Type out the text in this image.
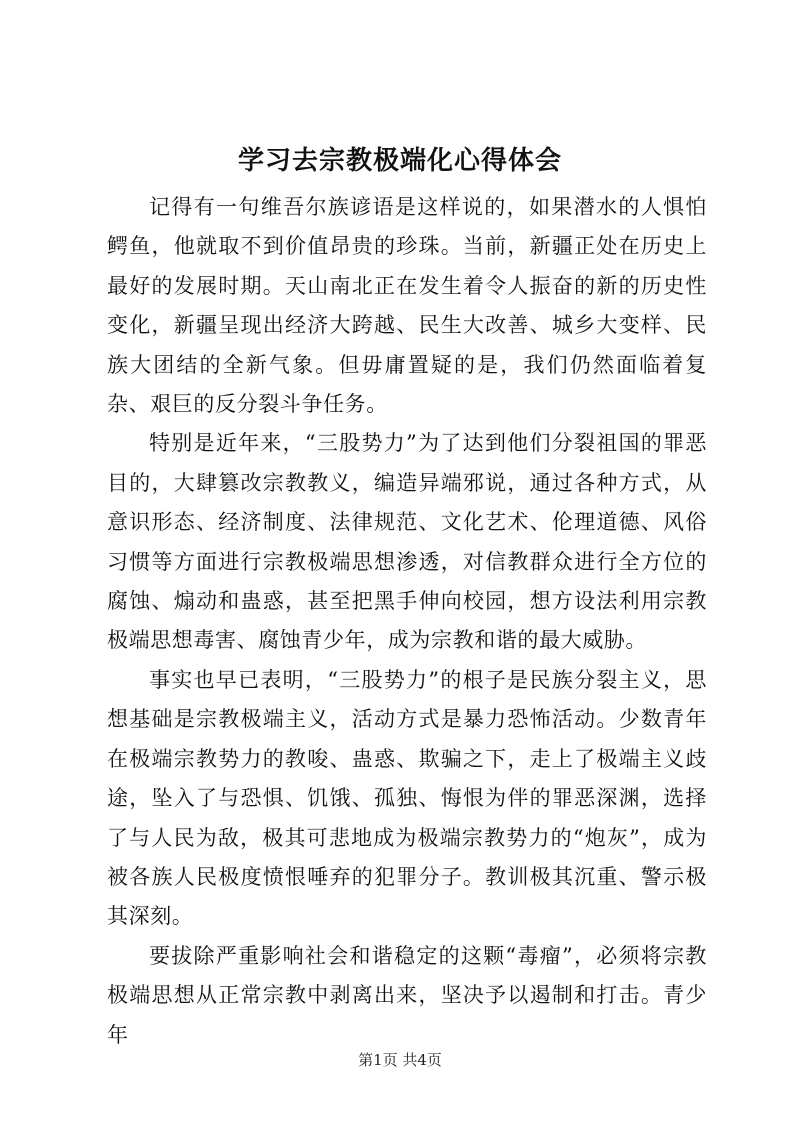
学习去宗教极端化心得体会

记得有一句维吾尔族谚语是这样说的，如果潜水的人惧怕鳄鱼，他就取不到价值昂贵的珍珠。当前，新疆正处在历史上最好的发展时期。天山南北正在发生着令人振奋的新的历史性变化，新疆呈现出经济大跨越、民生大改善、城乡大变样、民族大团结的全新气象。但毋庸置疑的是，我们仍然面临着复杂、艰巨的反分裂斗争任务。

特别是近年来，“三股势力”为了达到他们分裂祖国的罪恶目的，大肆篡改宗教教义，编造异端邪说，通过各种方式，从意识形态、经济制度、法律规范、文化艺术、伦理道德、风俗习惯等方面进行宗教极端思想渗透，对信教群众进行全方位的腐蚀、煽动和蛊惑，甚至把黑手伸向校园，想方设法利用宗教极端思想毒害、腐蚀青少年，成为宗教和谐的最大威胁。

事实也早已表明，“三股势力”的根子是民族分裂主义，思想基础是宗教极端主义，活动方式是暴力恐怖活动。少数青年在极端宗教势力的教唆、蛊惑、欺骗之下，走上了极端主义歧途，坠入了与恐惧、饥饿、孤独、悔恨为伴的罪恶深渊，选择了与人民为敌，极其可悲地成为极端宗教势力的“炮灰”，成为被各族人民极度愤恨唾弃的犯罪分子。教训极其沉重、警示极其深刻。

要拔除严重影响社会和谐稳定的这颗“毒瘤”，必须将宗教极端思想从正常宗教中剥离出来，坚决予以遏制和打击。青少年

第1页 共4页
